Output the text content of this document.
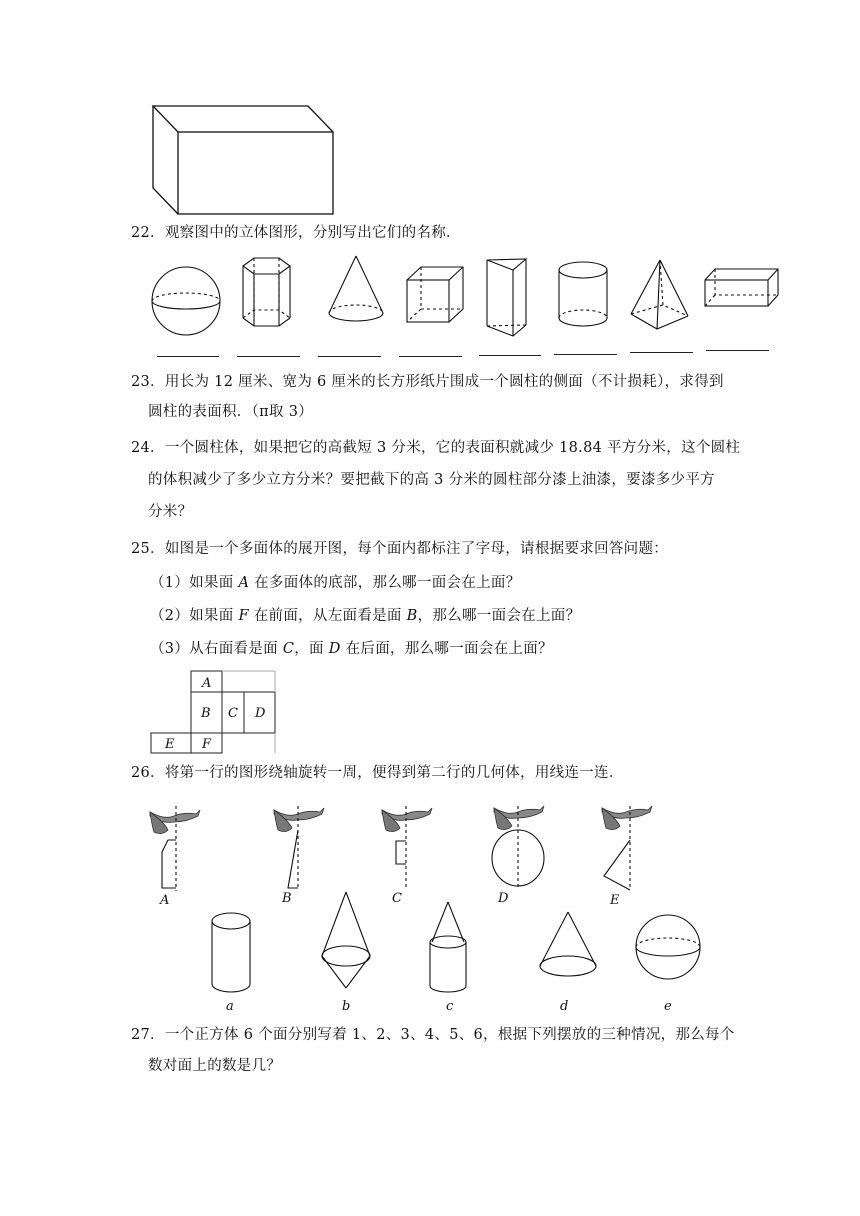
22．观察图中的立体图形，分别写出它们的名称．
23．用长为 12 厘米、宽为 6 厘米的长方形纸片围成一个圆柱的侧面（不计损耗），求得到
圆柱的表面积．（π取 3）
24．一个圆柱体，如果把它的高截短 3 分米，它的表面积就减少 18.84 平方分米，这个圆柱
的体积减少了多少立方分米？要把截下的高 3 分米的圆柱部分漆上油漆，要漆多少平方
分米？
25．如图是一个多面体的展开图，每个面内都标注了字母，请根据要求回答问题：
（1）如果面 A 在多面体的底部，那么哪一面会在上面？
（2）如果面 F 在前面，从左面看是面 B，那么哪一面会在上面？
（3）从右面看是面 C，面 D 在后面，那么哪一面会在上面？
A
B C D
E F
26．将第一行的图形绕轴旋转一周，便得到第二行的几何体，用线连一连．
A	B	C	D	E
a	b	c	d	e
27．一个正方体 6 个面分别写着 1、2、3、4、5、6，根据下列摆放的三种情况，那么每个
数对面上的数是几？
